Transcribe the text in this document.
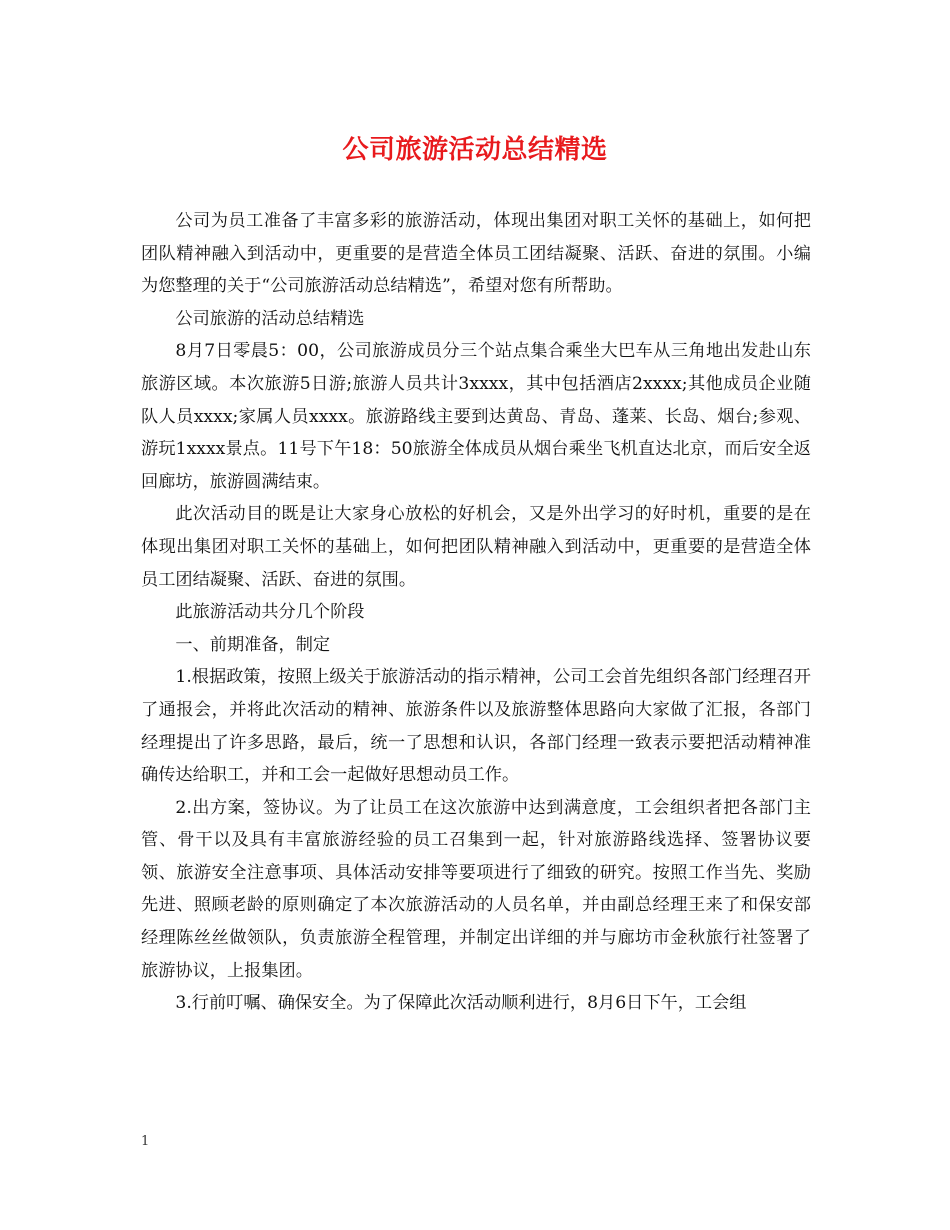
公司旅游活动总结精选

公司为员工准备了丰富多彩的旅游活动，体现出集团对职工关怀的基础上，如何把团队精神融入到活动中，更重要的是营造全体员工团结凝聚、活跃、奋进的氛围。小编为您整理的关于“公司旅游活动总结精选”，希望对您有所帮助。

公司旅游的活动总结精选

8月7日零晨5：00，公司旅游成员分三个站点集合乘坐大巴车从三角地出发赴山东旅游区域。本次旅游5日游;旅游人员共计3xxxx，其中包括酒店2xxxx;其他成员企业随队人员xxxx;家属人员xxxx。旅游路线主要到达黄岛、青岛、蓬莱、长岛、烟台;参观、游玩1xxxx景点。11号下午18：50旅游全体成员从烟台乘坐飞机直达北京，而后安全返回廊坊，旅游圆满结束。

此次活动目的既是让大家身心放松的好机会，又是外出学习的好时机，重要的是在体现出集团对职工关怀的基础上，如何把团队精神融入到活动中，更重要的是营造全体员工团结凝聚、活跃、奋进的氛围。

此旅游活动共分几个阶段

一、前期准备，制定

1.根据政策，按照上级关于旅游活动的指示精神，公司工会首先组织各部门经理召开了通报会，并将此次活动的精神、旅游条件以及旅游整体思路向大家做了汇报，各部门经理提出了许多思路，最后，统一了思想和认识，各部门经理一致表示要把活动精神准确传达给职工，并和工会一起做好思想动员工作。

2.出方案，签协议。为了让员工在这次旅游中达到满意度，工会组织者把各部门主管、骨干以及具有丰富旅游经验的员工召集到一起，针对旅游路线选择、签署协议要领、旅游安全注意事项、具体活动安排等要项进行了细致的研究。按照工作当先、奖励先进、照顾老龄的原则确定了本次旅游活动的人员名单，并由副总经理王来了和保安部经理陈丝丝做领队，负责旅游全程管理，并制定出详细的并与廊坊市金秋旅行社签署了旅游协议，上报集团。

3.行前叮嘱、确保安全。为了保障此次活动顺利进行，8月6日下午，工会组

1
